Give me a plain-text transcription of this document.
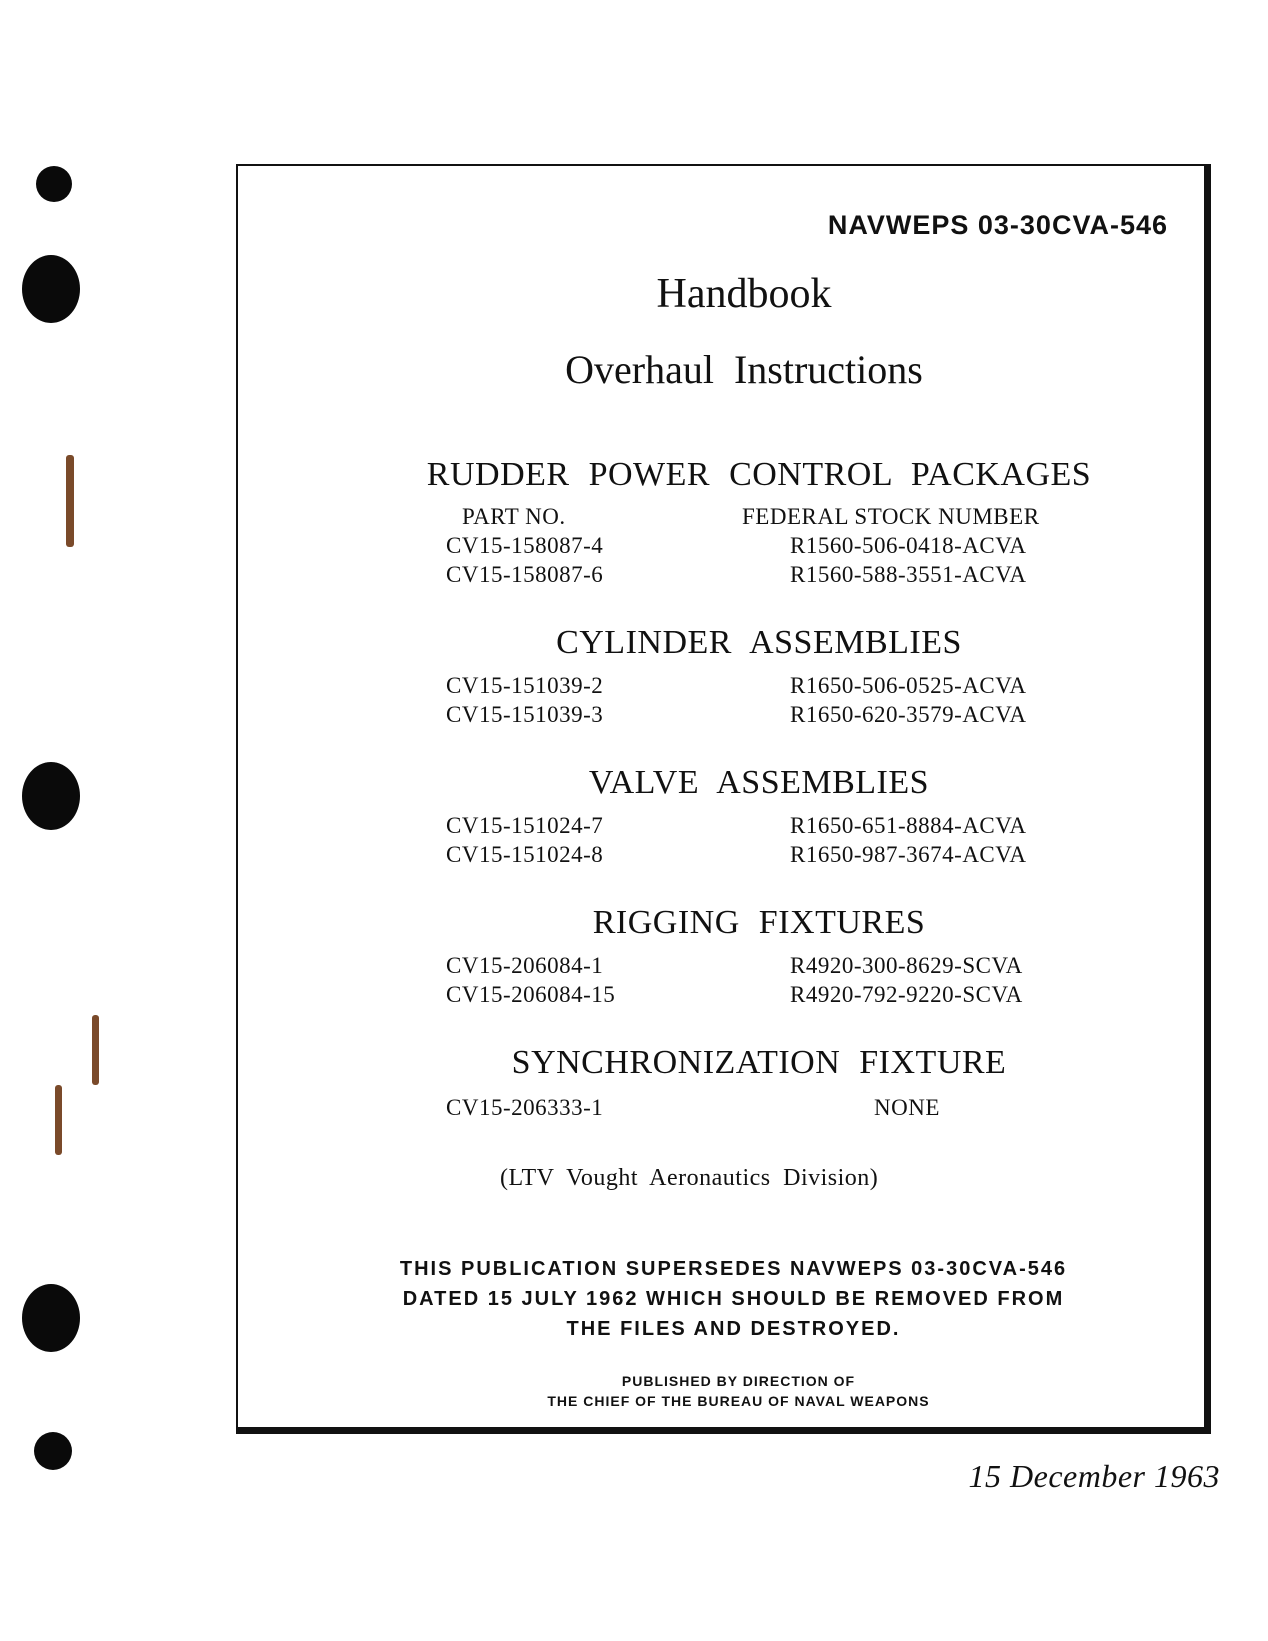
NAVWEPS 03-30CVA-546
Handbook
Overhaul Instructions
RUDDER POWER CONTROL PACKAGES
PART NO.	FEDERAL STOCK NUMBER
CV15-158087-4	R1560-506-0418-ACVA
CV15-158087-6	R1560-588-3551-ACVA
CYLINDER ASSEMBLIES
CV15-151039-2	R1650-506-0525-ACVA
CV15-151039-3	R1650-620-3579-ACVA
VALVE ASSEMBLIES
CV15-151024-7	R1650-651-8884-ACVA
CV15-151024-8	R1650-987-3674-ACVA
RIGGING FIXTURES
CV15-206084-1	R4920-300-8629-SCVA
CV15-206084-15	R4920-792-9220-SCVA
SYNCHRONIZATION FIXTURE
CV15-206333-1	NONE
(LTV Vought Aeronautics Division)
THIS PUBLICATION SUPERSEDES NAVWEPS 03-30CVA-546
DATED 15 JULY 1962 WHICH SHOULD BE REMOVED FROM
THE FILES AND DESTROYED.
PUBLISHED BY DIRECTION OF
THE CHIEF OF THE BUREAU OF NAVAL WEAPONS
15 December 1963
